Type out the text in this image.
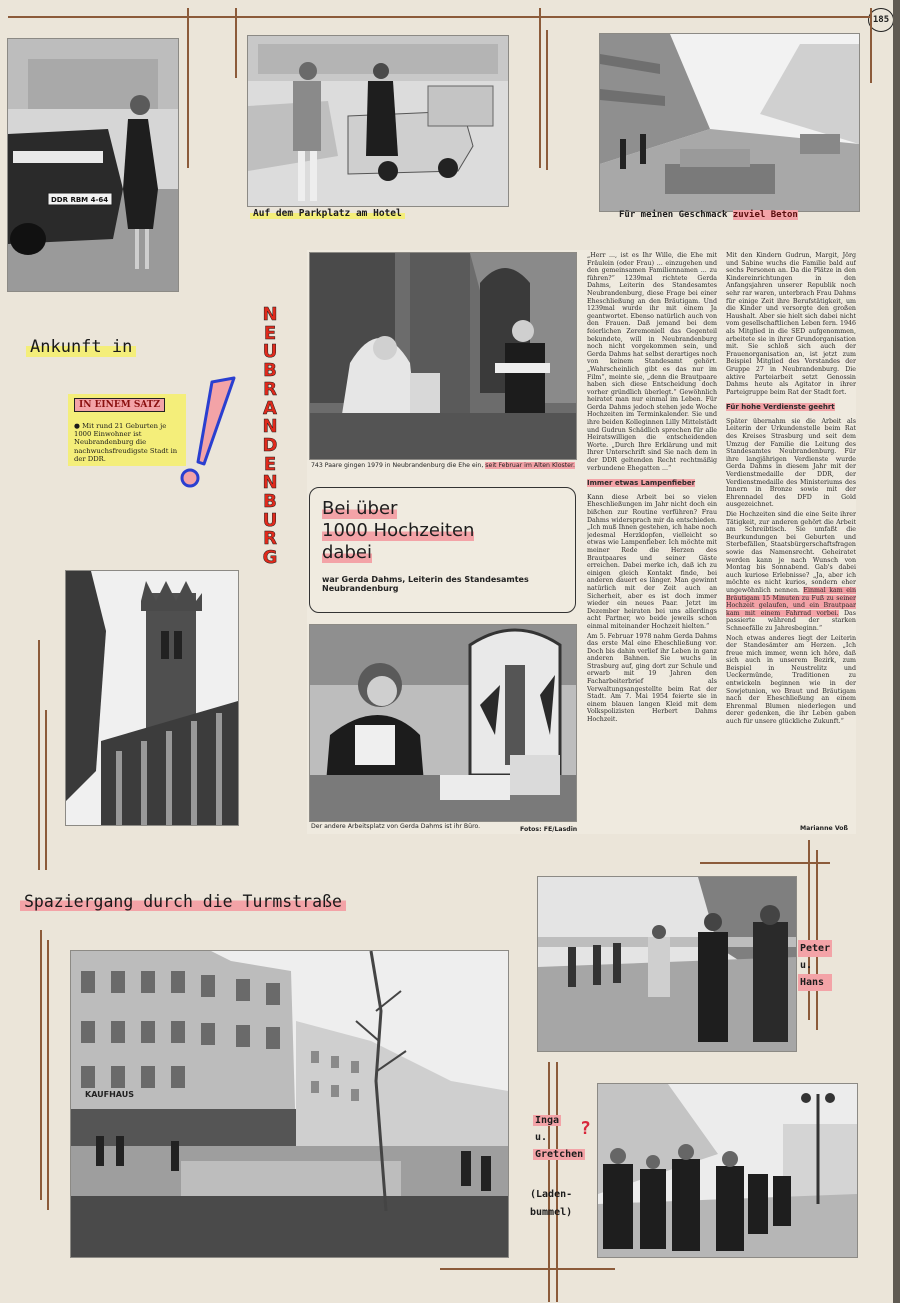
185
DDR RBM 4-64
Auf dem Parkplatz am Hotel	Für meinen Geschmack zuviel Beton
Ankunft in
IN EINEM SATZ
● Mit rund 21 Geburten je 1000 Einwohner ist Neubrandenburg die nachwuchsfreudigste Stadt in der DDR.
NEUBRANDENBURG
743 Paare gingen 1979 in Neubrandenburg die Ehe ein, seit Februar im Alten Kloster.
Bei über
1000 Hochzeiten
dabei
war Gerda Dahms, Leiterin des Standesamtes Neubrandenburg
Der andere Arbeitsplatz von Gerda Dahms ist ihr Büro.	Fotos: FE/Lasdin

„Herr ..., ist es Ihr Wille, die Ehe mit Fräulein (oder Frau) ... einzugehen und den gemeinsamen Familiennamen ... zu führen?“ 1239mal richtete Gerda Dahms, Leiterin des Standesamtes Neubrandenburg, diese Frage bei einer Eheschließung an den Bräutigam. Und 1239mal wurde ihr mit einem Ja geantwortet. Ebenso natürlich auch von den Frauen. Daß jemand bei dem feierlichen Zeremoniell das Gegenteil bekundete, will in Neubrandenburg noch nicht vorgekommen sein, und Gerda Dahms hat selbst derartiges noch von keinem Standesamt gehört. „Wahrscheinlich gibt es das nur im Film“, meinte sie, „denn die Brautpaare haben sich diese Entscheidung doch vorher gründlich überlegt.“ Gewöhnlich heiratet man nur einmal im Leben. Für Gerda Dahms jedoch stehen jede Woche Hochzeiten im Terminkalender. Sie und ihre beiden Kolleginnen Lilly Mittelstädt und Gudrun Schädlich sprechen für alle Heiratswilligen die entscheidenden Worte. „Durch Ihre Erklärung und mit Ihrer Unterschrift sind Sie nach dem in der DDR geltenden Recht rechtmäßig verbundene Ehegatten ...“

Immer etwas Lampenfieber

Kann diese Arbeit bei so vielen Eheschließungen im Jahr nicht doch ein bißchen zur Routine verführen? Frau Dahms widersprach mir da entschieden. „Ich muß Ihnen gestehen, ich habe noch jedesmal Herzklopfen, vielleicht so etwas wie Lampenfieber. Ich möchte mit meiner Rede die Herzen des Brautpaares und seiner Gäste erreichen. Dabei merke ich, daß ich zu einigen gleich Kontakt finde, bei anderen dauert es länger. Man gewinnt natürlich mit der Zeit auch an Sicherheit, aber es ist doch immer wieder ein neues Paar. Jetzt im Dezember heiraten bei uns allerdings acht Partner, wo beide jeweils schon einmal miteinander Hochzeit hielten.“

Am 5. Februar 1978 nahm Gerda Dahms das erste Mal eine Eheschließung vor. Doch bis dahin verlief ihr Leben in ganz anderen Bahnen. Sie wuchs in Strasburg auf, ging dort zur Schule und erwarb mit 19 Jahren den Facharbeiterbrief als Verwaltungsangestellte beim Rat der Stadt. Am 7. Mai 1954 feierte sie in einem blauen langen Kleid mit dem Volkspolizisten Herbert Dahms Hochzeit.

Mit den Kindern Gudrun, Margit, Jörg und Sabine wuchs die Familie bald auf sechs Personen an. Da die Plätze in den Kindereinrichtungen in den Anfangsjahren unserer Republik noch sehr rar waren, unterbrach Frau Dahms für einige Zeit ihre Berufstätigkeit, um die Kinder und versorgte den großen Haushalt. Aber sie hielt sich dabei nicht vom gesellschaftlichen Leben fern. 1946 als Mitglied in die SED aufgenommen, arbeitete sie in ihrer Grundorganisation mit. Sie schloß sich auch der Frauenorganisation an, ist jetzt zum Beispiel Mitglied des Vorstandes der Gruppe 27 in Neubrandenburg. Die aktive Parteiarbeit setzt Genossin Dahms heute als Agitator in ihrer Parteigruppe beim Rat der Stadt fort.

Für hohe Verdienste geehrt

Später übernahm sie die Arbeit als Leiterin der Urkundenstelle beim Rat des Kreises Strasburg und seit dem Umzug der Familie die Leitung des Standesamtes Neubrandenburg. Für ihre langjährigen Verdienste wurde Gerda Dahms in diesem Jahr mit der Verdienstmedaille der DDR, der Verdienstmedaille des Ministeriums des Innern in Bronze sowie mit der Ehrennadel des DFD in Gold ausgezeichnet.

Die Hochzeiten sind die eine Seite ihrer Tätigkeit, zur anderen gehört die Arbeit am Schreibtisch. Sie umfaßt die Beurkundungen bei Geburten und Sterbefällen, Staatsbürgerschaftsfragen sowie das Namensrecht. Geheiratet werden kann je nach Wunsch von Montag bis Sonnabend. Gab's dabei auch kuriose Erlebnisse? „Ja, aber ich möchte es nicht kurios, sondern eher ungewöhnlich nennen. Einmal kam ein Bräutigam 15 Minuten zu Fuß zu seiner Hochzeit gelaufen, und ein Brautpaar kam mit einem Fahrrad vorbei. Das passierte während der starken Schneefälle zu Jahresbeginn.“

Noch etwas anderes liegt der Leiterin der Standesämter am Herzen. „Ich freue mich immer, wenn ich höre, daß sich auch in unserem Bezirk, zum Beispiel in Neustrelitz und Ueckermünde, Traditionen zu entwickeln beginnen wie in der Sowjetunion, wo Braut und Bräutigam nach der Eheschließung an einem Ehrenmal Blumen niederlegen und derer gedenken, die ihr Leben gaben auch für unsere glückliche Zukunft.“

Marianne Voß
Spaziergang durch die Turmstraße
Peter
u.
Hans
KAUFHAUS
Inga
u.
Gretchen
?
(Laden-
bummel)
